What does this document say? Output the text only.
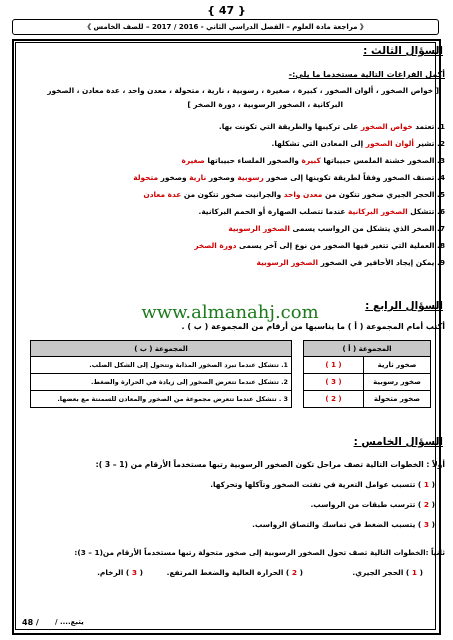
{ 47 }
《 مراجعة مادة العلوم – الفصل الدراسي الثاني - 2016 / 2017 – للصف الخامس 》
السؤال الثالث :
أكمل الفراغات التالية مستخدما ما يلي:-
[ خواص الصخور ، ألوان الصخور ، كبيرة ، صغيرة ، رسوبية ، نارية ، متحولة ، معدن واحد ، عدة معادن ، الصخور
البركانية ، الصخور الرسوبية ، دورة الصخر ]
1. تعتمد خواص الصخور على تركيبها والطريقة التي تكونت بها.
2. تشير ألوان الصخور إلى المعادن التي تشكلها.
3. الصخور خشنة الملمس حبيباتها كبيرة والصخور الملساء حبيباتها صغيرة
4. تصنف الصخور وفقاً لطريقة تكوينها إلى صخور رسوبية وصخور نارية وصخور متحولة
5. الحجر الجيري صخور تتكون من معدن واحد والجرانيت صخور تتكون من عدة معادن
6. تتشكل الصخور البركانية عندما تتصلب الصهارة أو الحمم البركانية.
7. الصخر الذي يتشكل من الرواسب يسمى الصخور الرسوبية
8. العملية التي تتغير فيها الصخور من نوع إلى آخر يسمى دورة الصخر
9. يمكن إيجاد الأحافير في الصخور الصخور الرسوبية
www.almanahj.com	السؤال الرابع :
أكتب أمام المجموعة ( أ ) ما يناسبها من أرقام من المجموعة ( ب ) .
المجموعة ( أ )	
صخور نارية	( 1 )
صخور رسوبية	( 3 )
صخور متحولة	( 2 )
المجموعة ( ب )
1. تتشكل عندما تبرد الصخور المذابة وتتحول إلى الشكل الصلب.
2. تتشكل عندما تتعرض الصخور إلى زيادة في الحرارة والضغط.
3 . تتشكل عندما تتعرض مجموعة من الصخور والمعادن للسمنتة مع بعضها.
السؤال الخامس :
أولاً : الخطوات التالية تصف مراحل تكون الصخور الرسوبية رتبها مستخدماً الأرقام من (1 – 3 ):
( 1 ) تتسبب عوامل التعرية في تفتت الصخور وتآكلها وتحركها.
( 2 ) تترسب طبقات من الرواسب.
( 3 ) يتسبب الضغط في تماسك والتصاق الرواسب.
ثانياً :الخطوات التالية تصف تحول الصخور الرسوبية إلى صخور متحولة رتبها مستخدماً الأرقام من(1 – 3):
( 3 ) الرخام.	( 2 ) الحرارة العالية والضغط المرتفع.	( 1 ) الحجر الجيري.
48 / يتبع.... /
